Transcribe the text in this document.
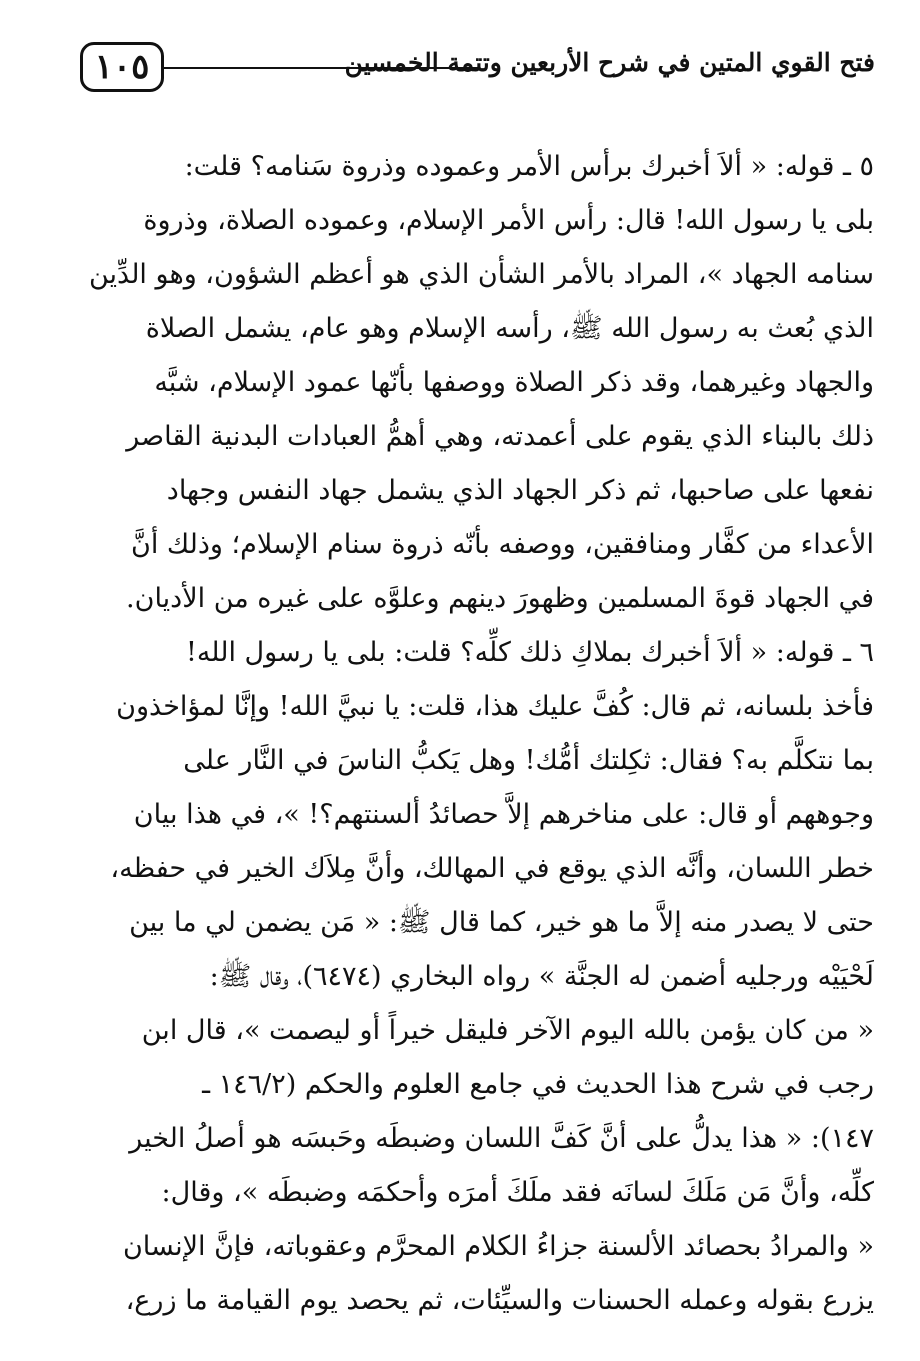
١٠٥	فتح القوي المتين في شرح الأربعين وتتمة الخمسين
٥ ـ قوله: « ألاَ أخبرك برأس الأمر وعموده وذروة سَنامه؟ قلت:
بلى يا رسول الله! قال: رأس الأمر الإسلام، وعموده الصلاة، وذروة
سنامه الجهاد »، المراد بالأمر الشأن الذي هو أعظم الشؤون، وهو الدِّين
الذي بُعث به رسول الله ﷺ، رأسه الإسلام وهو عام، يشمل الصلاة
والجهاد وغيرهما، وقد ذكر الصلاة ووصفها بأنّها عمود الإسلام، شبَّه
ذلك بالبناء الذي يقوم على أعمدته، وهي أهمُّ العبادات البدنية القاصر
نفعها على صاحبها، ثم ذكر الجهاد الذي يشمل جهاد النفس وجهاد
الأعداء من كفَّار ومنافقين، ووصفه بأنّه ذروة سنام الإسلام؛ وذلك أنَّ
في الجهاد قوةَ المسلمين وظهورَ دينهم وعلوَّه على غيره من الأديان.
٦ ـ قوله: « ألاَ أخبرك بملاكِ ذلك كلِّه؟ قلت: بلى يا رسول الله!
فأخذ بلسانه، ثم قال: كُفَّ عليك هذا، قلت: يا نبيَّ الله! وإنَّا لمؤاخذون
بما نتكلَّم به؟ فقال: ثكِلتك أمُّك! وهل يَكبُّ الناسَ في النَّار على
وجوههم أو قال: على مناخرهم إلاَّ حصائدُ ألسنتهم؟! »، في هذا بيان
خطر اللسان، وأنَّه الذي يوقع في المهالك، وأنَّ مِلاَك الخير في حفظه،
حتى لا يصدر منه إلاَّ ما هو خير، كما قال ﷺ: « مَن يضمن لي ما بين
لَحْيَيْه ورجليه أضمن له الجنَّة » رواه البخاري (٦٤٧٤)، وقال ﷺ:
« من كان يؤمن بالله اليوم الآخر فليقل خيراً أو ليصمت »، قال ابن
رجب في شرح هذا الحديث في جامع العلوم والحكم (١٤٦/٢ ـ
١٤٧): « هذا يدلُّ على أنَّ كَفَّ اللسان وضبطَه وحَبسَه هو أصلُ الخير
كلِّه، وأنَّ مَن مَلَكَ لسانَه فقد ملَكَ أمرَه وأحكمَه وضبطَه »، وقال:
« والمرادُ بحصائد الألسنة جزاءُ الكلام المحرَّم وعقوباته، فإنَّ الإنسان
يزرع بقوله وعمله الحسنات والسيِّئات، ثم يحصد يوم القيامة ما زرع،
